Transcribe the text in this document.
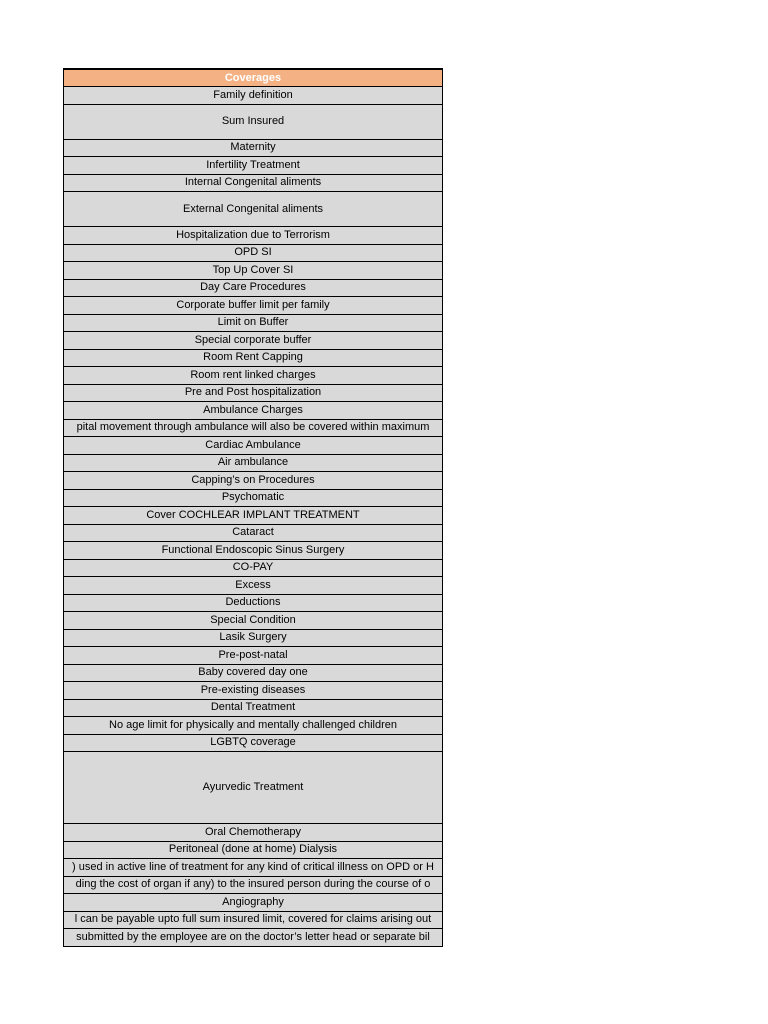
Coverages
Family definition
Sum Insured
Maternity
Infertility Treatment
Internal Congenital aliments
External Congenital aliments
Hospitalization due to Terrorism
OPD SI
Top Up Cover SI
Day Care Procedures
Corporate buffer limit per family
Limit on Buffer
Special corporate buffer
Room Rent Capping
Room rent linked charges
Pre and Post hospitalization
Ambulance Charges
pital movement through ambulance will also be covered within maximum
Cardiac Ambulance
Air ambulance
Capping’s on Procedures
Psychomatic
Cover COCHLEAR IMPLANT TREATMENT
Cataract
Functional Endoscopic Sinus Surgery
CO-PAY
Excess
Deductions
Special Condition
Lasik Surgery
Pre-post-natal
Baby covered day one
Pre-existing diseases
Dental Treatment
No age limit for physically and mentally challenged children
LGBTQ coverage
Ayurvedic Treatment
Oral Chemotherapy
Peritoneal (done at home) Dialysis
) used in active line of treatment for any kind of critical illness on OPD or H
ding the cost of organ if any) to the insured person during the course of o
Angiography
l can be payable upto full sum insured limit, covered for claims arising out
submitted by the employee are on the doctor’s letter head or separate bil
